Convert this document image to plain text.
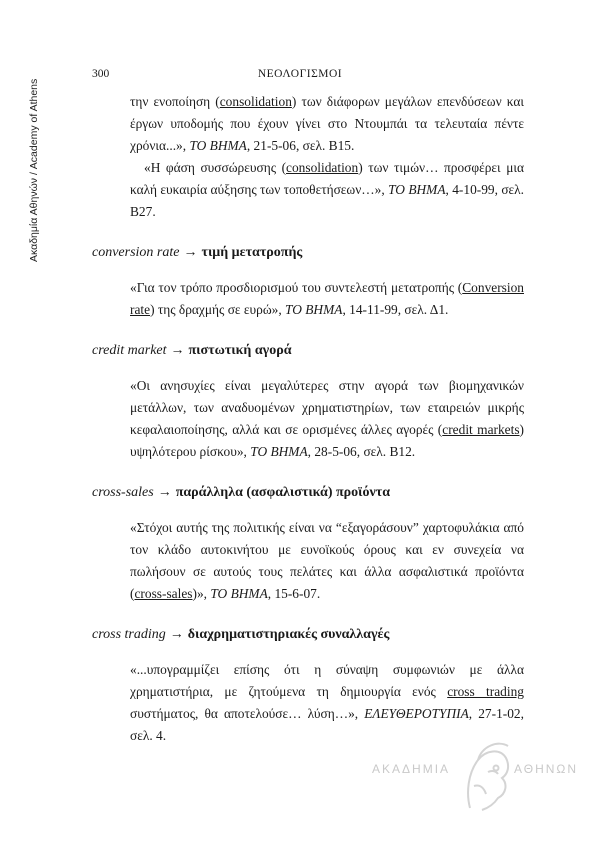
Ακαδημία Αθηνών / Academy of Athens
300	ΝΕΟΛΟΓΙΣΜΟΙ

την ενοποίηση (consolidation) των διάφορων μεγάλων επενδύσεων και έργων υποδομής που έχουν γίνει στο Ντουμπάι τα τελευταία πέντε χρόνια...», ΤΟ ΒΗΜΑ, 21-5-06, σελ. Β15.

«Η φάση συσσώρευσης (consolidation) των τιμών… προσφέρει μια καλή ευκαιρία αύξησης των τοποθετήσεων…», ΤΟ ΒΗΜΑ, 4-10-99, σελ. Β27.

conversion rate → τιμή μετατροπής

«Για τον τρόπο προσδιορισμού του συντελεστή μετατροπής (Conversion rate) της δραχμής σε ευρώ», ΤΟ ΒΗΜΑ, 14-11-99, σελ. Δ1.

credit market → πιστωτική αγορά

«Οι ανησυχίες είναι μεγαλύτερες στην αγορά των βιομηχανικών μετάλλων, των αναδυομένων χρηματιστηρίων, των εταιρειών μικρής κεφαλαιοποίησης, αλλά και σε ορισμένες άλλες αγορές (credit markets) υψηλότερου ρίσκου», ΤΟ ΒΗΜΑ, 28-5-06, σελ. Β12.

cross-sales → παράλληλα (ασφαλιστικά) προϊόντα

«Στόχοι αυτής της πολιτικής είναι να “εξαγοράσουν” χαρτοφυλάκια από τον κλάδο αυτοκινήτου με ευνοϊκούς όρους και εν συνεχεία να πωλήσουν σε αυτούς τους πελάτες και άλλα ασφαλιστικά προϊόντα (cross-sales)», ΤΟ ΒΗΜΑ, 15-6-07.

cross trading → διαχρηματιστηριακές συναλλαγές

«...υπογραμμίζει επίσης ότι η σύναψη συμφωνιών με άλλα χρηματιστήρια, με ζητούμενα τη δημιουργία ενός cross trading συστήματος, θα αποτελούσε… λύση…», ΕΛΕΥΘΕΡΟΤΥΠΙΑ, 27-1-02, σελ. 4.

ΑΚΑΔΗΜΙΑ	ΑΘΗΝΩΝ
